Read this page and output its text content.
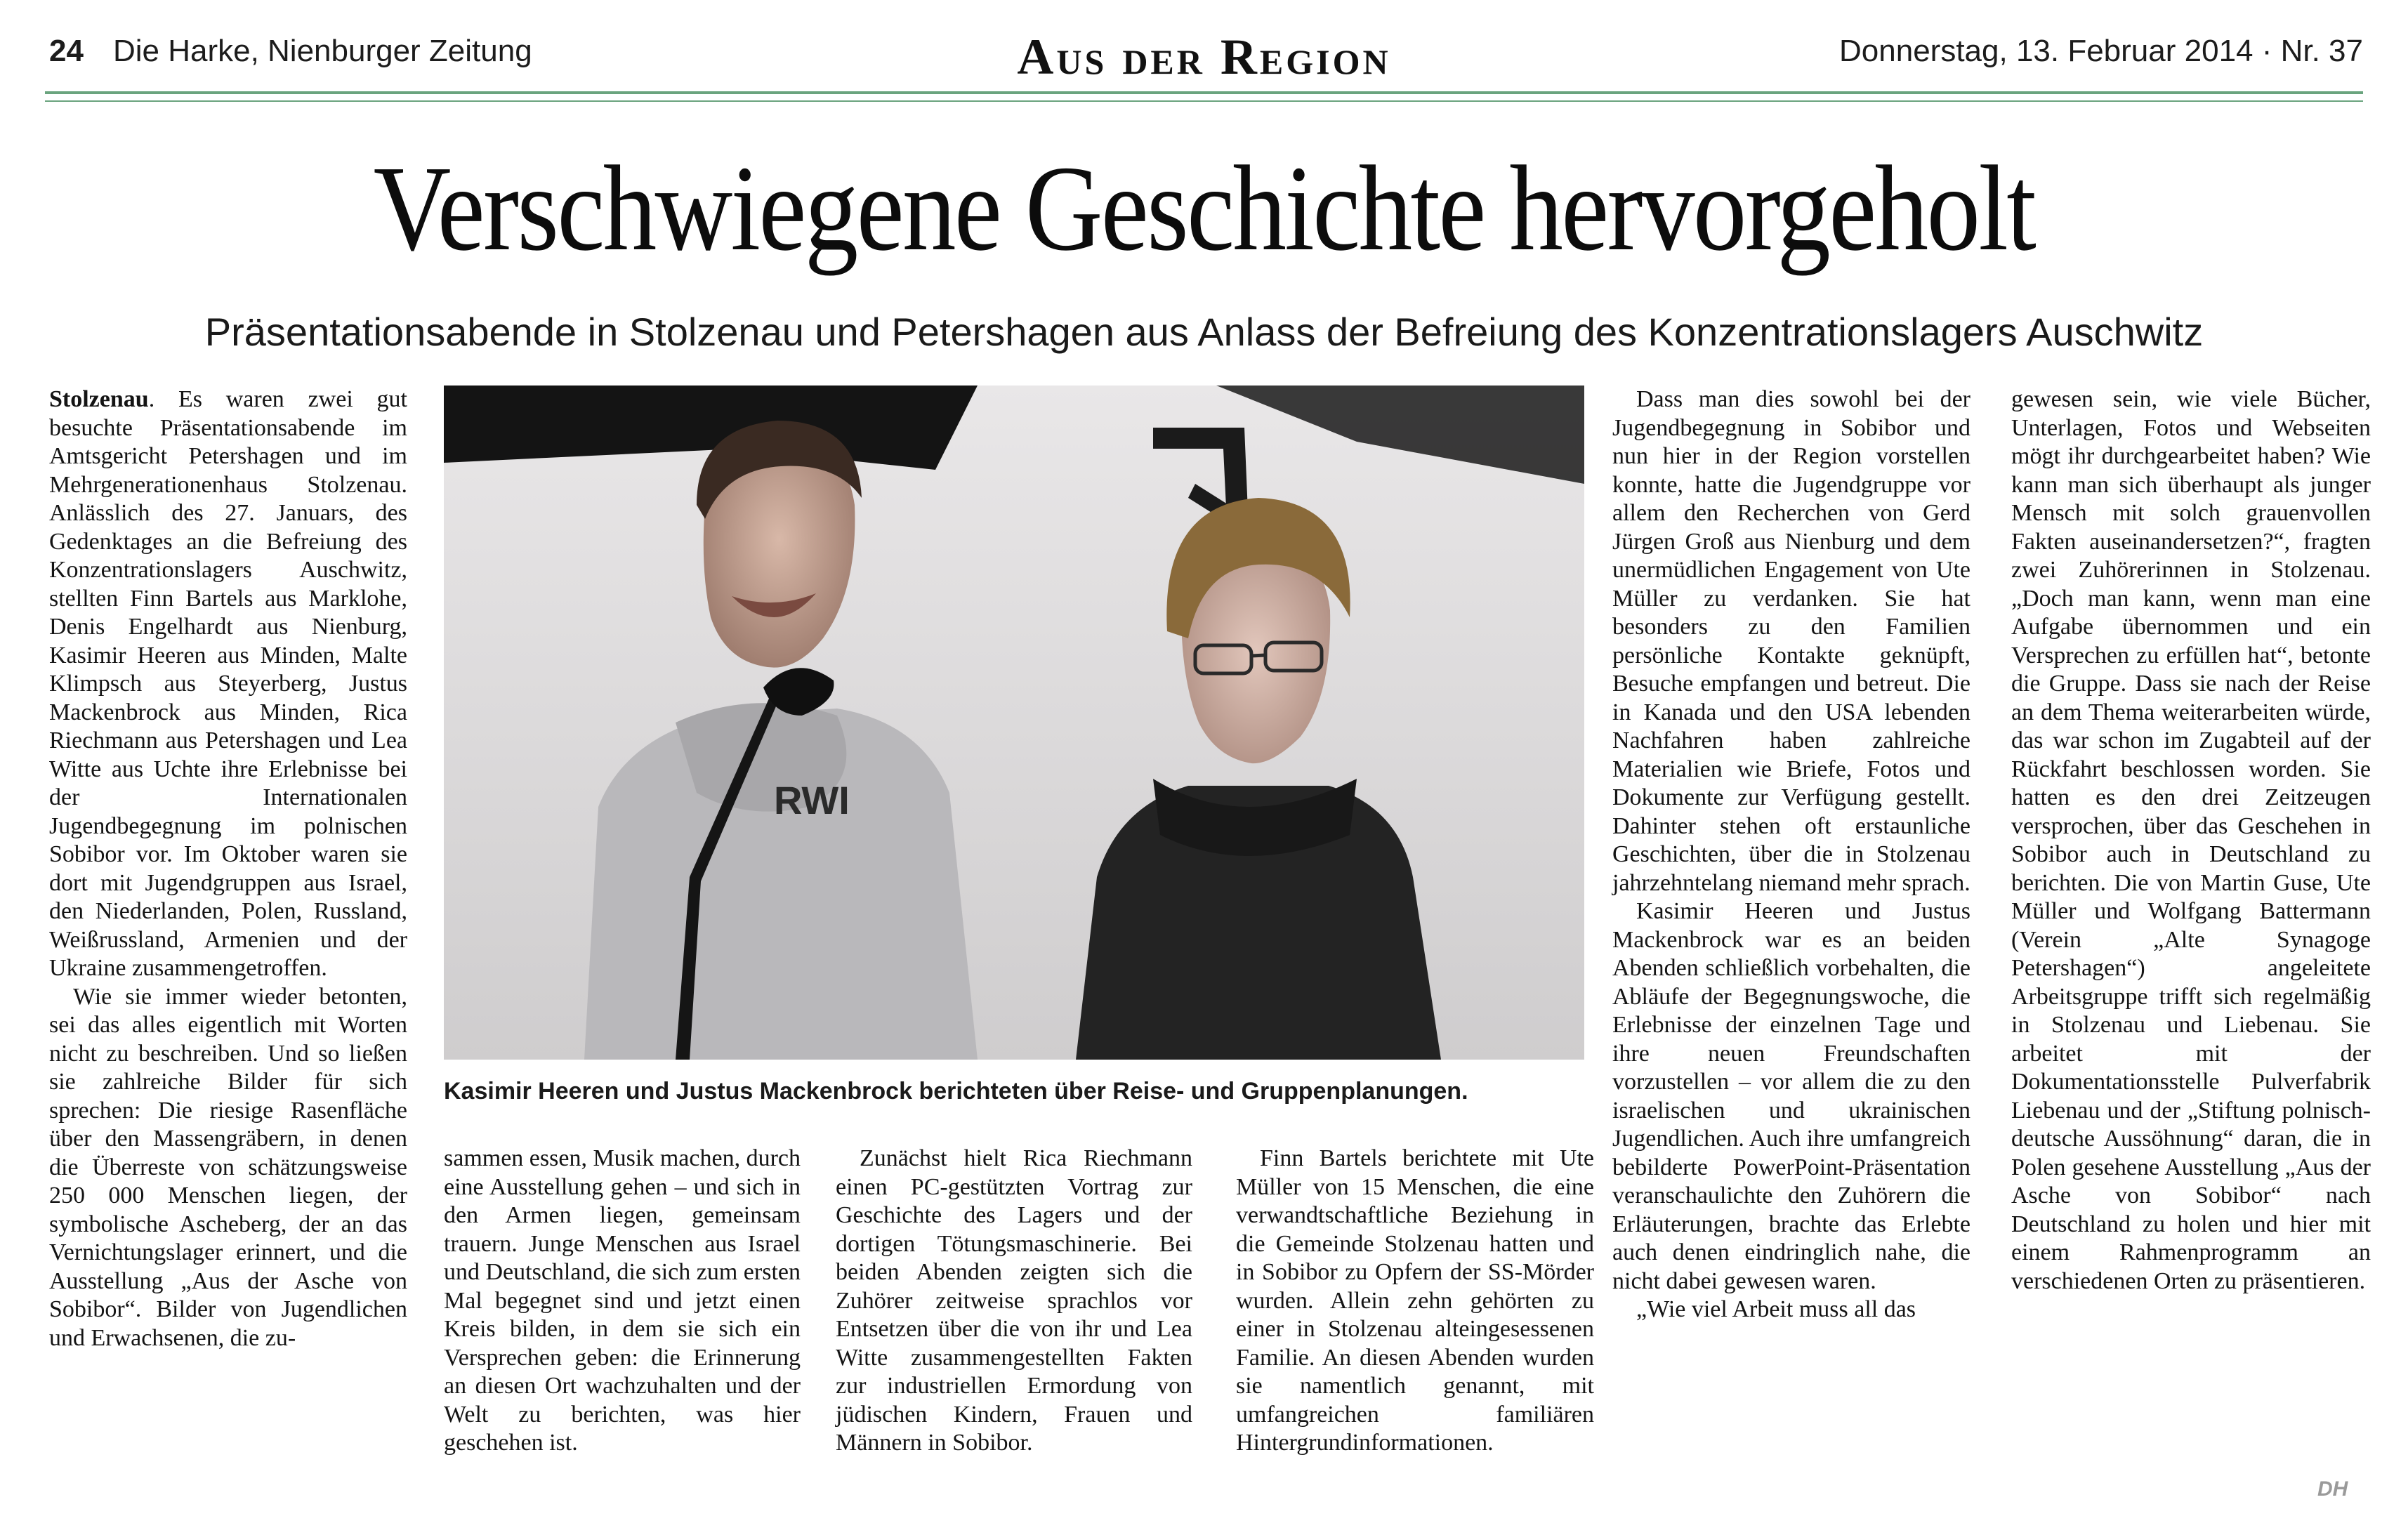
24 Die Harke, Nienburger Zeitung	Aus der Region	Donnerstag, 13. Februar 2014 · Nr. 37
Verschwiegene Geschichte hervorgeholt
Präsentationsabende in Stolzenau und Petershagen aus Anlass der Befreiung des Konzentrationslagers Auschwitz

Stolzenau. Es waren zwei gut besuchte Präsentationsabende im Amtsgericht Petershagen und im Mehrgenerationenhaus Stolzenau. Anlässlich des 27. Januars, des Gedenktages an die Befreiung des Konzentrationslagers Auschwitz, stellten Finn Bartels aus Marklohe, Denis Engelhardt aus Nienburg, Kasimir Heeren aus Minden, Malte Klimpsch aus Steyerberg, Justus Mackenbrock aus Minden, Rica Riechmann aus Petershagen und Lea Witte aus Uchte ihre Erlebnisse bei der Internationalen Jugendbegegnung im polnischen Sobibor vor. Im Oktober waren sie dort mit Jugendgruppen aus Israel, den Niederlanden, Polen, Russland, Weißrussland, Armenien und der Ukraine zusammengetroffen.

Wie sie immer wieder betonten, sei das alles eigentlich mit Worten nicht zu beschreiben. Und so ließen sie zahlreiche Bilder für sich sprechen: Die riesige Rasenfläche über den Massengräbern, in denen die Überreste von schätzungsweise 250 000 Menschen liegen, der symbolische Ascheberg, der an das Vernichtungslager erinnert, und die Ausstellung „Aus der Asche von Sobibor“. Bilder von Jugendlichen und Erwachsenen, die zu-

RWI
Kasimir Heeren und Justus Mackenbrock berichteten über Reise- und Gruppenplanungen.

sammen essen, Musik machen, durch eine Ausstellung gehen – und sich in den Armen liegen, gemeinsam trauern. Junge Menschen aus Israel und Deutschland, die sich zum ersten Mal begegnet sind und jetzt einen Kreis bilden, in dem sie sich ein Versprechen geben: die Erinnerung an diesen Ort wachzuhalten und der Welt zu berichten, was hier geschehen ist.

Zunächst hielt Rica Riechmann einen PC-gestützten Vortrag zur Geschichte des Lagers und der dortigen Tötungsmaschinerie. Bei beiden Abenden zeigten sich die Zuhörer zeitweise sprachlos vor Entsetzen über die von ihr und Lea Witte zusammengestellten Fakten zur industriellen Ermordung von jüdischen Kindern, Frauen und Männern in Sobibor.

Finn Bartels berichtete mit Ute Müller von 15 Menschen, die eine verwandtschaftliche Beziehung in die Gemeinde Stolzenau hatten und in Sobibor zu Opfern der SS-Mörder wurden. Allein zehn gehörten zu einer in Stolzenau alteingesessenen Familie. An diesen Abenden wurden sie namentlich genannt, mit umfangreichen familiären Hintergrundinformationen.

Dass man dies sowohl bei der Jugendbegegnung in Sobibor und nun hier in der Region vorstellen konnte, hatte die Jugendgruppe vor allem den Recherchen von Gerd Jürgen Groß aus Nienburg und dem unermüdlichen Engagement von Ute Müller zu verdanken. Sie hat besonders zu den Familien persönliche Kontakte geknüpft, Besuche empfangen und betreut. Die in Kanada und den USA lebenden Nachfahren haben zahlreiche Materialien wie Briefe, Fotos und Dokumente zur Verfügung gestellt. Dahinter stehen oft erstaunliche Geschichten, über die in Stolzenau jahrzehntelang niemand mehr sprach.

Kasimir Heeren und Justus Mackenbrock war es an beiden Abenden schließlich vorbehalten, die Abläufe der Begegnungswoche, die Erlebnisse der einzelnen Tage und ihre neuen Freundschaften vorzustellen – vor allem die zu den israelischen und ukrainischen Jugendlichen. Auch ihre umfangreich bebilderte PowerPoint-Präsentation veranschaulichte den Zuhörern die Erläuterungen, brachte das Erlebte auch denen eindringlich nahe, die nicht dabei gewesen waren.

„Wie viel Arbeit muss all das

gewesen sein, wie viele Bücher, Unterlagen, Fotos und Webseiten mögt ihr durchgearbeitet haben? Wie kann man sich überhaupt als junger Mensch mit solch grauenvollen Fakten auseinandersetzen?“, fragten zwei Zuhörerinnen in Stolzenau. „Doch man kann, wenn man eine Aufgabe übernommen und ein Versprechen zu erfüllen hat“, betonte die Gruppe. Dass sie nach der Reise an dem Thema weiterarbeiten würde, das war schon im Zugabteil auf der Rückfahrt beschlossen worden. Sie hatten es den drei Zeitzeugen versprochen, über das Geschehen in Sobibor auch in Deutschland zu berichten. Die von Martin Guse, Ute Müller und Wolfgang Battermann (Verein „Alte Synagoge Petershagen“) angeleitete Arbeitsgruppe trifft sich regelmäßig in Stolzenau und Liebenau. Sie arbeitet mit der Dokumentationsstelle Pulverfabrik Liebenau und der „Stiftung polnisch-deutsche Aussöhnung“ daran, die in Polen gesehene Ausstellung „Aus der Asche von Sobibor“ nach Deutschland zu holen und hier mit einem Rahmenprogramm an verschiedenen Orten zu präsentieren.

DH
